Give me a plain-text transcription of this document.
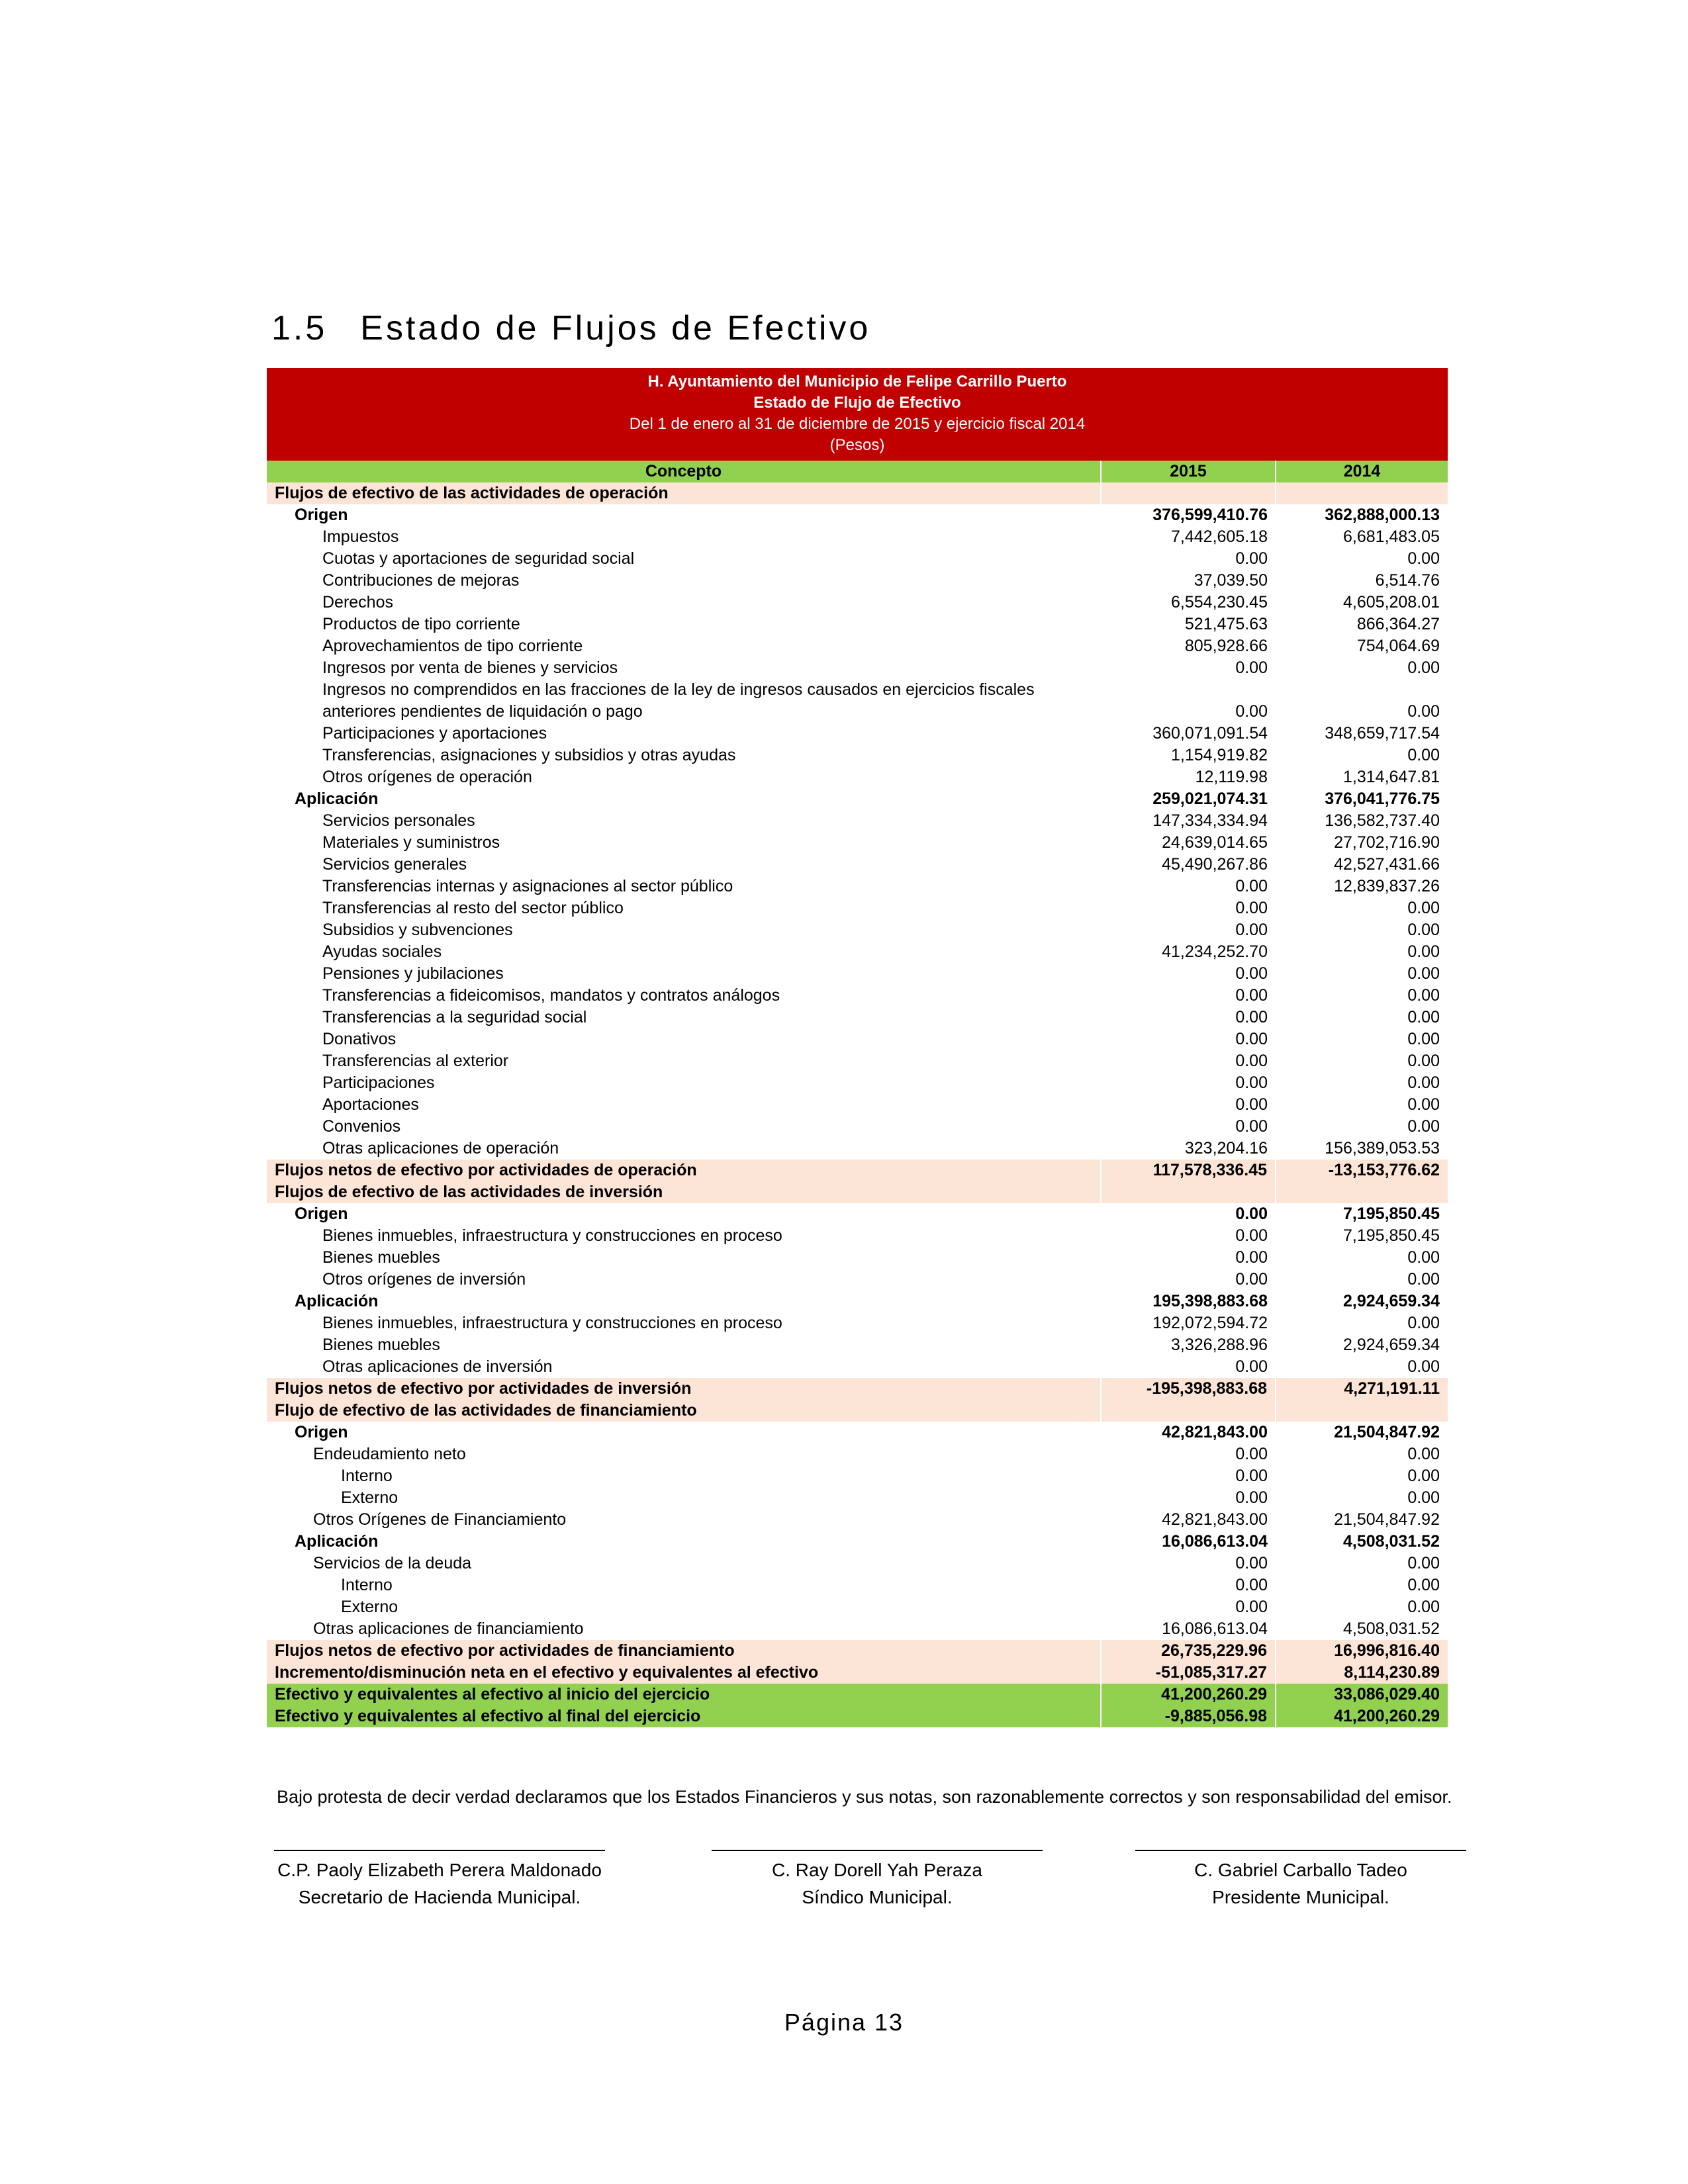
1.5 Estado de Flujos de Efectivo
H. Ayuntamiento del Municipio de Felipe Carrillo Puerto
Estado de Flujo de Efectivo
Del 1 de enero al 31 de diciembre de 2015 y ejercicio fiscal 2014
(Pesos)
Concepto	2015	2014
Flujos de efectivo de las actividades de operación		
Origen	376,599,410.76	362,888,000.13
Impuestos	7,442,605.18	6,681,483.05
Cuotas y aportaciones de seguridad social	0.00	0.00
Contribuciones de mejoras	37,039.50	6,514.76
Derechos	6,554,230.45	4,605,208.01
Productos de tipo corriente	521,475.63	866,364.27
Aprovechamientos de tipo corriente	805,928.66	754,064.69
Ingresos por venta de bienes y servicios	0.00	0.00
Ingresos no comprendidos en las fracciones de la ley de ingresos causados en ejercicios fiscales anteriores pendientes de liquidación o pago	0.00	0.00
Participaciones y aportaciones	360,071,091.54	348,659,717.54
Transferencias, asignaciones y subsidios y otras ayudas	1,154,919.82	0.00
Otros orígenes de operación	12,119.98	1,314,647.81
Aplicación	259,021,074.31	376,041,776.75
Servicios personales	147,334,334.94	136,582,737.40
Materiales y suministros	24,639,014.65	27,702,716.90
Servicios generales	45,490,267.86	42,527,431.66
Transferencias internas y asignaciones al sector público	0.00	12,839,837.26
Transferencias al resto del sector público	0.00	0.00
Subsidios y subvenciones	0.00	0.00
Ayudas sociales	41,234,252.70	0.00
Pensiones y jubilaciones	0.00	0.00
Transferencias a fideicomisos, mandatos y contratos análogos	0.00	0.00
Transferencias a la seguridad social	0.00	0.00
Donativos	0.00	0.00
Transferencias al exterior	0.00	0.00
Participaciones	0.00	0.00
Aportaciones	0.00	0.00
Convenios	0.00	0.00
Otras aplicaciones de operación	323,204.16	156,389,053.53
Flujos netos de efectivo por actividades de operación	117,578,336.45	-13,153,776.62
Flujos de efectivo de las actividades de inversión		
Origen	0.00	7,195,850.45
Bienes inmuebles, infraestructura y construcciones en proceso	0.00	7,195,850.45
Bienes muebles	0.00	0.00
Otros orígenes de inversión	0.00	0.00
Aplicación	195,398,883.68	2,924,659.34
Bienes inmuebles, infraestructura y construcciones en proceso	192,072,594.72	0.00
Bienes muebles	3,326,288.96	2,924,659.34
Otras aplicaciones de inversión	0.00	0.00
Flujos netos de efectivo por actividades de inversión	-195,398,883.68	4,271,191.11
Flujo de efectivo de las actividades de financiamiento		
Origen	42,821,843.00	21,504,847.92
Endeudamiento neto	0.00	0.00
Interno	0.00	0.00
Externo	0.00	0.00
Otros Orígenes de Financiamiento	42,821,843.00	21,504,847.92
Aplicación	16,086,613.04	4,508,031.52
Servicios de la deuda	0.00	0.00
Interno	0.00	0.00
Externo	0.00	0.00
Otras aplicaciones de financiamiento	16,086,613.04	4,508,031.52
Flujos netos de efectivo por actividades de financiamiento	26,735,229.96	16,996,816.40
Incremento/disminución neta en el efectivo y equivalentes al efectivo	-51,085,317.27	8,114,230.89
Efectivo y equivalentes al efectivo al inicio del ejercicio	41,200,260.29	33,086,029.40
Efectivo y equivalentes al efectivo al final del ejercicio	-9,885,056.98	41,200,260.29
Bajo protesta de decir verdad declaramos que los Estados Financieros y sus notas, son razonablemente correctos y son responsabilidad del emisor.
C.P. Paoly Elizabeth Perera Maldonado
Secretario de Hacienda Municipal.
C. Ray Dorell Yah Peraza
Síndico Municipal.
C. Gabriel Carballo Tadeo
Presidente Municipal.
Página 13
